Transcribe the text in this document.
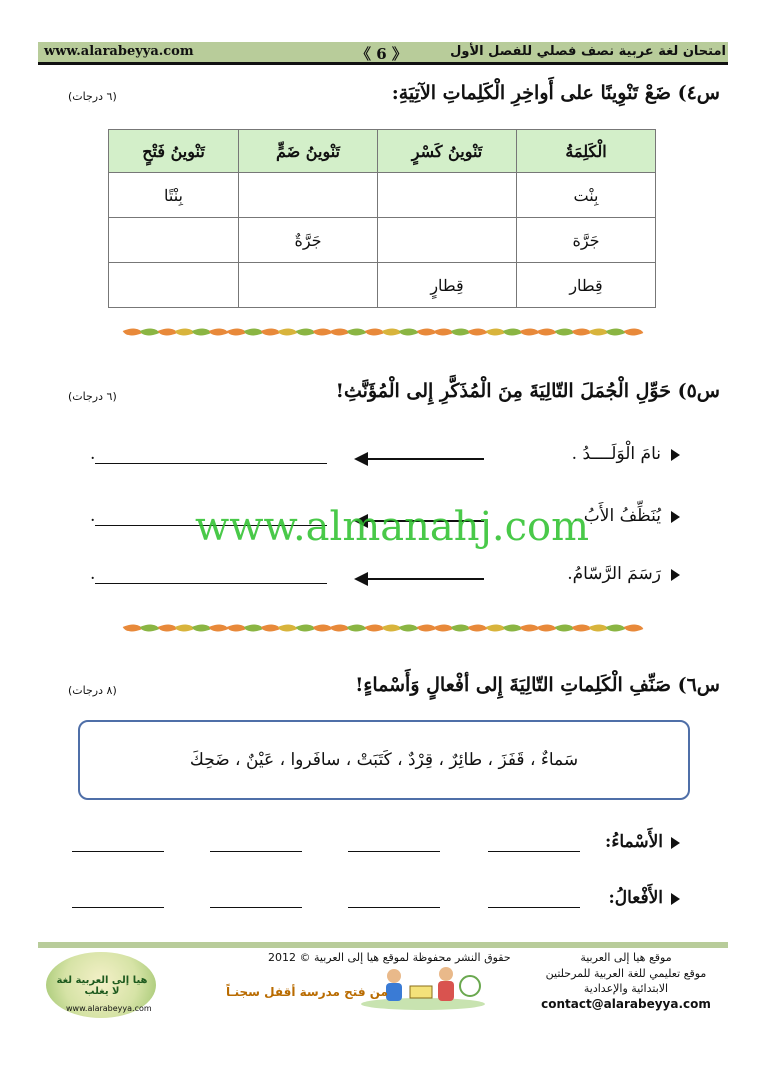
www.alarabeyya.com	《 6 》	امتحان لغة عربية نصف فصلي للفصل الأول
س٤) ضَعْ تَنْوِينًا على أَواخِرِ الْكَلِماتِ الآتِيَةِ:
(٦ درجات)
الْكَلِمَةُ	تَنْوينُ كَسْرٍ	تَنْوينُ ضَمٍّ	تَنْوينُ فَتْحٍ
بِنْت			بِنْتًا
جَرَّة		جَرَّةٌ	
قِطار	قِطارٍ		
س٥) حَوِّلِ الْجُمَلَ التّالِيَةَ مِنَ الْمُذَكَّرِ إِلى الْمُؤَنَّثِ!
(٦ درجات)
نامَ الْوَلَــــدُ .
.
يُنَظِّفُ الأَبُ .
.
رَسَمَ الرَّسّامُ.
.
www.almanahj.com
س٦) صَنِّفِ الْكَلِماتِ التّالِيَةَ إِلى أفْعالٍ وَأَسْماءٍ!
(٨ درجات)
سَماءٌ ، قَفَزَ ، طائِرٌ ، قِرْدٌ ، كَتَبَتْ ، سافَروا ، عَيْنٌ ، ضَحِكَ
الأَسْماءُ:
الأَفْعالُ:
هيا إلى العربية لغة لا يغلب
www.alarabeyya.com
حقوق النشر محفوظة لموقع هيا إلى العربية © 2012
من فتح مدرسة أقفل سجنـاً
موقع هيا إلى العربية
موقع تعليمي للغة العربية للمرحلتين
الابتدائية والإعدادية
contact@alarabeyya.com
